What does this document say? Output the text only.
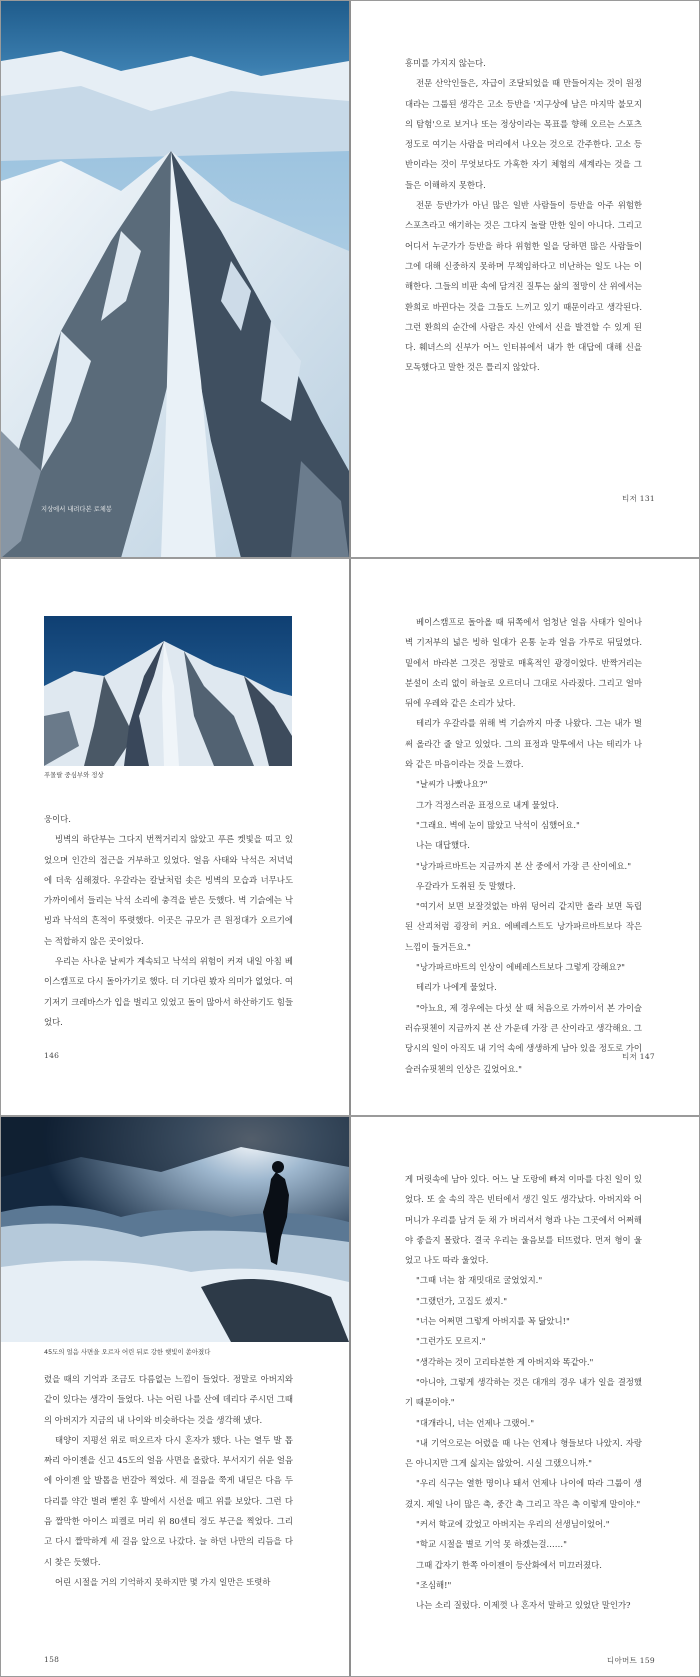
지상에서 내려다본 로체봉

흥미를 가지지 않는다.

전문 산악인들은, 자급이 조달되었을 때 만들어지는 것이 원정대라는 그룹된 생각은 고소 등반을 '지구상에 남은 마지막 불모지의 탐험'으로 보거나 또는 정상이라는 목표를 향해 오르는 스포츠 정도로 여기는 사람을 머리에서 나오는 것으로 간주한다. 고소 등반이라는 것이 무엇보다도 가혹한 자기 체험의 세계라는 것을 그들은 이해하지 못한다.

전문 등반가가 아닌 많은 일반 사람들이 등반을 아주 위험한 스포츠라고 얘기하는 것은 그다지 놀랄 만한 일이 아니다. 그리고 어디서 누군가가 등반을 하다 위험한 일을 당하면 많은 사람들이 그에 대해 신중하지 못하며 무책임하다고 비난하는 일도 나는 이해한다. 그들의 비판 속에 담겨진 질투는 삶의 절망이 산 위에서는 환희로 바뀐다는 것을 그들도 느끼고 있기 때문이라고 생각된다. 그런 환희의 순간에 사람은 자신 안에서 신을 발견할 수 있게 된다. 훼녀스의 신부가 어느 인터뷰에서 내가 한 대답에 대해 신을 모독했다고 말한 것은 틀리지 않았다.

티저 131
푸몰랄 중심부와 정상

웅이다.

빙벽의 하단부는 그다지 번쩍거리지 않았고 푸른 켓빛을 띠고 있었으며 인간의 접근을 거부하고 있었다. 얼음 사태와 낙석은 저녁녘에 더욱 심해졌다. 우갈라는 칼날처럼 솟은 빙벽의 모습과 너무나도 가까이에서 들리는 낙석 소리에 충격을 받은 듯했다. 벽 기슭에는 낙빙과 낙석의 흔적이 뚜렷했다. 이곳은 규모가 큰 원정대가 오르기에는 적합하지 않은 곳이었다.

우리는 사나운 날씨가 계속되고 낙석의 위험이 커져 내일 아침 베이스캠프로 다시 돌아가기로 했다. 더 기다린 봤자 의미가 없었다. 여기저기 크레바스가 입을 벌리고 있었고 돌이 많아서 하산하기도 힘들었다.

146

베이스캠프로 돌아올 때 뒤쪽에서 엄청난 얼음 사태가 일어나 벽 기저부의 넓은 빙하 일대가 온통 눈과 얼음 가루로 뒤덮였다. 밑에서 바라본 그것은 정말로 매혹적인 광경이었다. 반짝거리는 분설이 소리 없이 하늘로 오르더니 그대로 사라졌다. 그리고 얼마 뒤에 우레와 같은 소리가 났다.

테리가 우갈라를 위해 벽 기슭까지 마중 나왔다. 그는 내가 벌써 올라간 줄 알고 있었다. 그의 표정과 말투에서 나는 테리가 나와 같은 마음이라는 것을 느꼈다.

"날씨가 나빴나요?"

그가 걱정스러운 표정으로 내게 물었다.

"그래요. 벽에 눈이 많았고 낙석이 심했어요."

나는 대답했다.

"낭가파르바트는 지금까지 본 산 중에서 가장 큰 산이에요."

우갈라가 도취된 듯 말했다.

"여기서 보면 보잘것없는 바위 덩어리 같지만 올라 보면 독립된 산괴처럼 굉장히 커요. 에베레스트도 낭가파르바트보다 작은 느낌이 들거든요."

"낭가파르바트의 인상이 에베레스트보다 그렇게 강해요?"

테리가 나에게 물었다.

"아뇨요, 제 경우에는 다섯 살 때 처음으로 가까이서 본 가이슬러슈핏첸이 지금까지 본 산 가운데 가장 큰 산이라고 생각해요. 그 당시의 일이 아직도 내 기억 속에 생생하게 남아 있을 정도로 가이슬러슈핏첸의 인상은 깊었어요."

티저 147
45도의 얼음 사면을 오르자 어린 뒤로 강한 햇빛이 쏟아졌다

렸을 때의 기억과 조금도 다름없는 느낌이 들었다. 정말로 아버지와 같이 있다는 생각이 들었다. 나는 어린 나를 산에 데리다 주시던 그때의 아버지가 지금의 내 나이와 비슷하다는 것을 생각해 냈다.

태양이 지평선 위로 떠오르자 다시 혼자가 됐다. 나는 열두 발 톱짜리 아이젠을 신고 45도의 얼음 사면을 올랐다. 부서지기 쉬운 얼음에 아이젠 앞 발톱을 번갈아 찍었다. 세 걸음을 쭉게 내딛은 다음 두 다리를 약간 벌려 뻗친 후 발에서 시선을 떼고 위를 보았다. 그런 다음 짤막한 아이스 피켈로 머리 위 80센티 정도 부근을 찍었다. 그리고 다시 짤막하게 세 걸음 앞으로 나갔다. 늘 하던 나만의 리듬을 다시 찾은 듯했다.

어린 시절을 거의 기억하지 못하지만 몇 가지 일만은 또렷하

158

게 머릿속에 남아 있다. 어느 날 도랑에 빠져 이마를 다친 일이 있었다. 또 숲 속의 작은 빈터에서 생긴 일도 생각났다. 아버지와 어머니가 우리를 남겨 둔 채 가 버리셔서 형과 나는 그곳에서 어쩌해야 좋을지 몰랐다. 결국 우리는 울음보를 터뜨렸다. 먼저 형이 울었고 나도 따라 울었다.

"그때 너는 참 재밋대로 굴었었지."

"그랬던가, 고집도 셌지."

"너는 어쩌면 그렇게 아버지를 꼭 닮았니!"

"그런가도 모르지."

"생각하는 것이 고리타분한 게 아버지와 똑같아."

"아니야, 그렇게 생각하는 것은 대개의 경우 내가 일을 결정했기 때문이야."

"대개라니, 너는 언제나 그랬어."

"내 기억으로는 어렸을 때 나는 언제나 형들보다 나았지. 자랑은 아니지만 그게 싫지는 않았어. 시실 그랬으니까."

"우리 식구는 열한 명이나 돼서 언제나 나이에 따라 그룹이 생겼지. 제일 나이 많은 축, 중간 축 그리고 작은 축 이렇게 말이야."

"커서 학교에 갔었고 아버지는 우리의 선생님이었어."

"학교 시절을 별로 기억 못 하겠는걸……"

그때 갑자기 한쪽 아이젠이 등산화에서 미끄러졌다.

"조심해!"

나는 소리 질렀다. 이제껏 나 혼자서 말하고 있었단 말인가?

디아머트 159
